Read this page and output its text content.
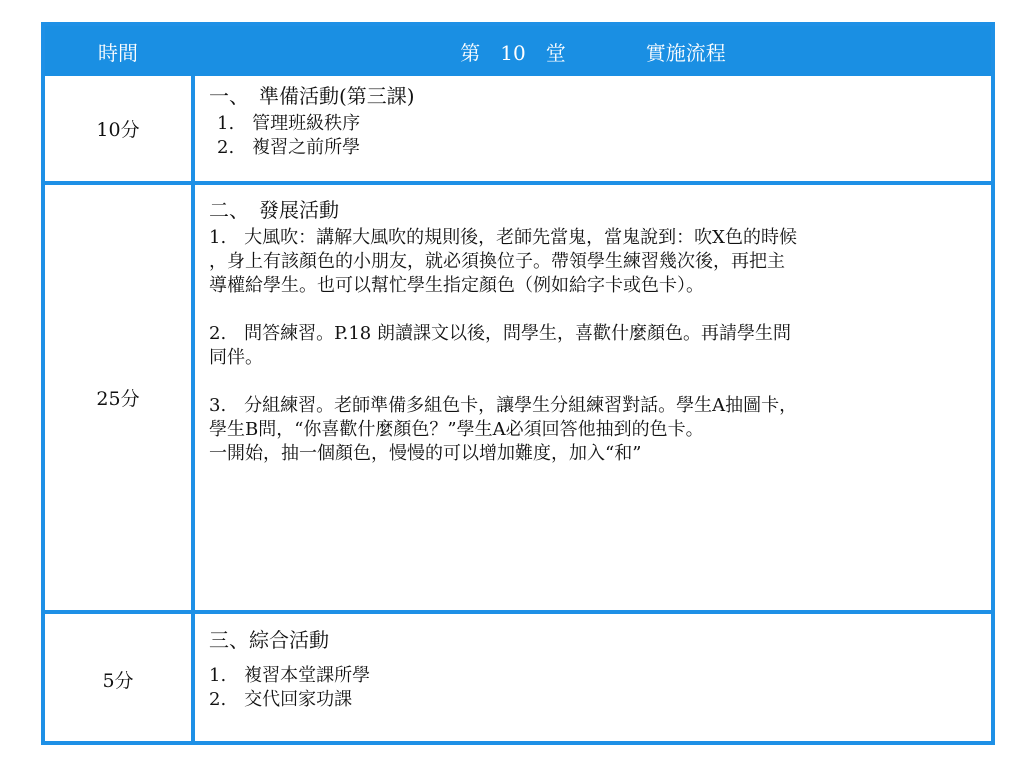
時間	第　10　堂　　　　實施流程
10分

一、　準備活動(第三課)

1.　管理班級秩序

2.　複習之前所學

25分

二、　發展活動

1.　大風吹：講解大風吹的規則後，老師先當鬼，當鬼說到：吹X色的時候

，身上有該顏色的小朋友，就必須換位子。帶領學生練習幾次後，再把主

導權給學生。也可以幫忙學生指定顏色（例如給字卡或色卡）。

2.　問答練習。P.18 朗讀課文以後，問學生，喜歡什麼顏色。再請學生問

同伴。

3.　分組練習。老師準備多組色卡，讓學生分組練習對話。學生A抽圖卡，

學生B問，“你喜歡什麼顏色？”學生A必須回答他抽到的色卡。

一開始，抽一個顏色，慢慢的可以增加難度，加入“和”

5分

三、綜合活動

1.　複習本堂課所學

2.　交代回家功課
